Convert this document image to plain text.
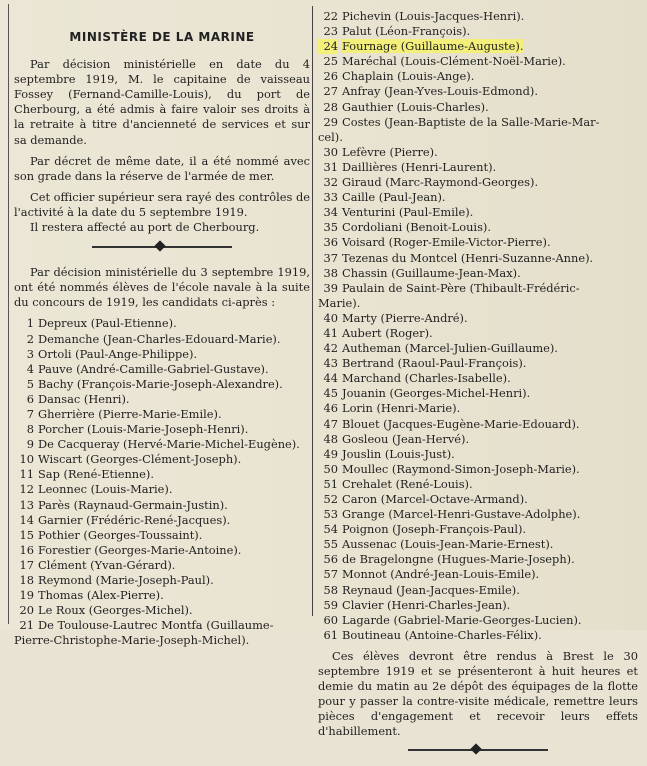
MINISTÈRE DE LA MARINE

Par décision ministérielle en date du 4 septembre 1919, M. le capitaine de vaisseau Fossey (Fernand-Camille-Louis), du port de Cherbourg, a été admis à faire valoir ses droits à la retraite à titre d'ancienneté de services et sur sa demande.

Par décret de même date, il a été nommé avec son grade dans la réserve de l'armée de mer.

Cet officier supérieur sera rayé des contrôles de l'activité à la date du 5 septembre 1919.

Il restera affecté au port de Cherbourg.

Par décision ministérielle du 3 septembre 1919, ont été nommés élèves de l'école navale à la suite du concours de 1919, les candidats ci-après :

1 Depreux (Paul-Etienne).
2 Demanche (Jean-Charles-Edouard-Marie).
3 Ortoli (Paul-Ange-Philippe).
4 Pauve (André-Camille-Gabriel-Gustave).
5 Bachy (François-Marie-Joseph-Alexandre).
6 Dansac (Henri).
7 Gherrière (Pierre-Marie-Emile).
8 Porcher (Louis-Marie-Joseph-Henri).
9 De Cacqueray (Hervé-Marie-Michel-Eugène).
10 Wiscart (Georges-Clément-Joseph).
11 Sap (René-Etienne).
12 Leonnec (Louis-Marie).
13 Parès (Raynaud-Germain-Justin).
14 Garnier (Frédéric-René-Jacques).
15 Pothier (Georges-Toussaint).
16 Forestier (Georges-Marie-Antoine).
17 Clément (Yvan-Gérard).
18 Reymond (Marie-Joseph-Paul).
19 Thomas (Alex-Pierre).
20 Le Roux (Georges-Michel).
21 De Toulouse-Lautrec Montfa (Guillaume-
Pierre-Christophe-Marie-Joseph-Michel).
22 Pichevin (Louis-Jacques-Henri).
23 Palut (Léon-François).
24 Fournage (Guillaume-Auguste).
25 Maréchal (Louis-Clément-Noël-Marie).
26 Chaplain (Louis-Ange).
27 Anfray (Jean-Yves-Louis-Edmond).
28 Gauthier (Louis-Charles).
29 Costes (Jean-Baptiste de la Salle-Marie-Mar-
cel).
30 Lefèvre (Pierre).
31 Daillières (Henri-Laurent).
32 Giraud (Marc-Raymond-Georges).
33 Caille (Paul-Jean).
34 Venturini (Paul-Emile).
35 Cordoliani (Benoit-Louis).
36 Voisard (Roger-Emile-Victor-Pierre).
37 Tezenas du Montcel (Henri-Suzanne-Anne).
38 Chassin (Guillaume-Jean-Max).
39 Paulain de Saint-Père (Thibault-Frédéric-
Marie).
40 Marty (Pierre-André).
41 Aubert (Roger).
42 Autheman (Marcel-Julien-Guillaume).
43 Bertrand (Raoul-Paul-François).
44 Marchand (Charles-Isabelle).
45 Jouanin (Georges-Michel-Henri).
46 Lorin (Henri-Marie).
47 Blouet (Jacques-Eugène-Marie-Edouard).
48 Gosleou (Jean-Hervé).
49 Jouslin (Louis-Just).
50 Moullec (Raymond-Simon-Joseph-Marie).
51 Crehalet (René-Louis).
52 Caron (Marcel-Octave-Armand).
53 Grange (Marcel-Henri-Gustave-Adolphe).
54 Poignon (Joseph-François-Paul).
55 Aussenac (Louis-Jean-Marie-Ernest).
56 de Bragelongne (Hugues-Marie-Joseph).
57 Monnot (André-Jean-Louis-Emile).
58 Reynaud (Jean-Jacques-Emile).
59 Clavier (Henri-Charles-Jean).
60 Lagarde (Gabriel-Marie-Georges-Lucien).
61 Boutineau (Antoine-Charles-Félix).

Ces élèves devront être rendus à Brest le 30 septembre 1919 et se présenteront à huit heures et demie du matin au 2e dépôt des équipages de la flotte pour y passer la contre-visite médicale, remettre leurs pièces d'engagement et recevoir leurs effets d'habillement.
